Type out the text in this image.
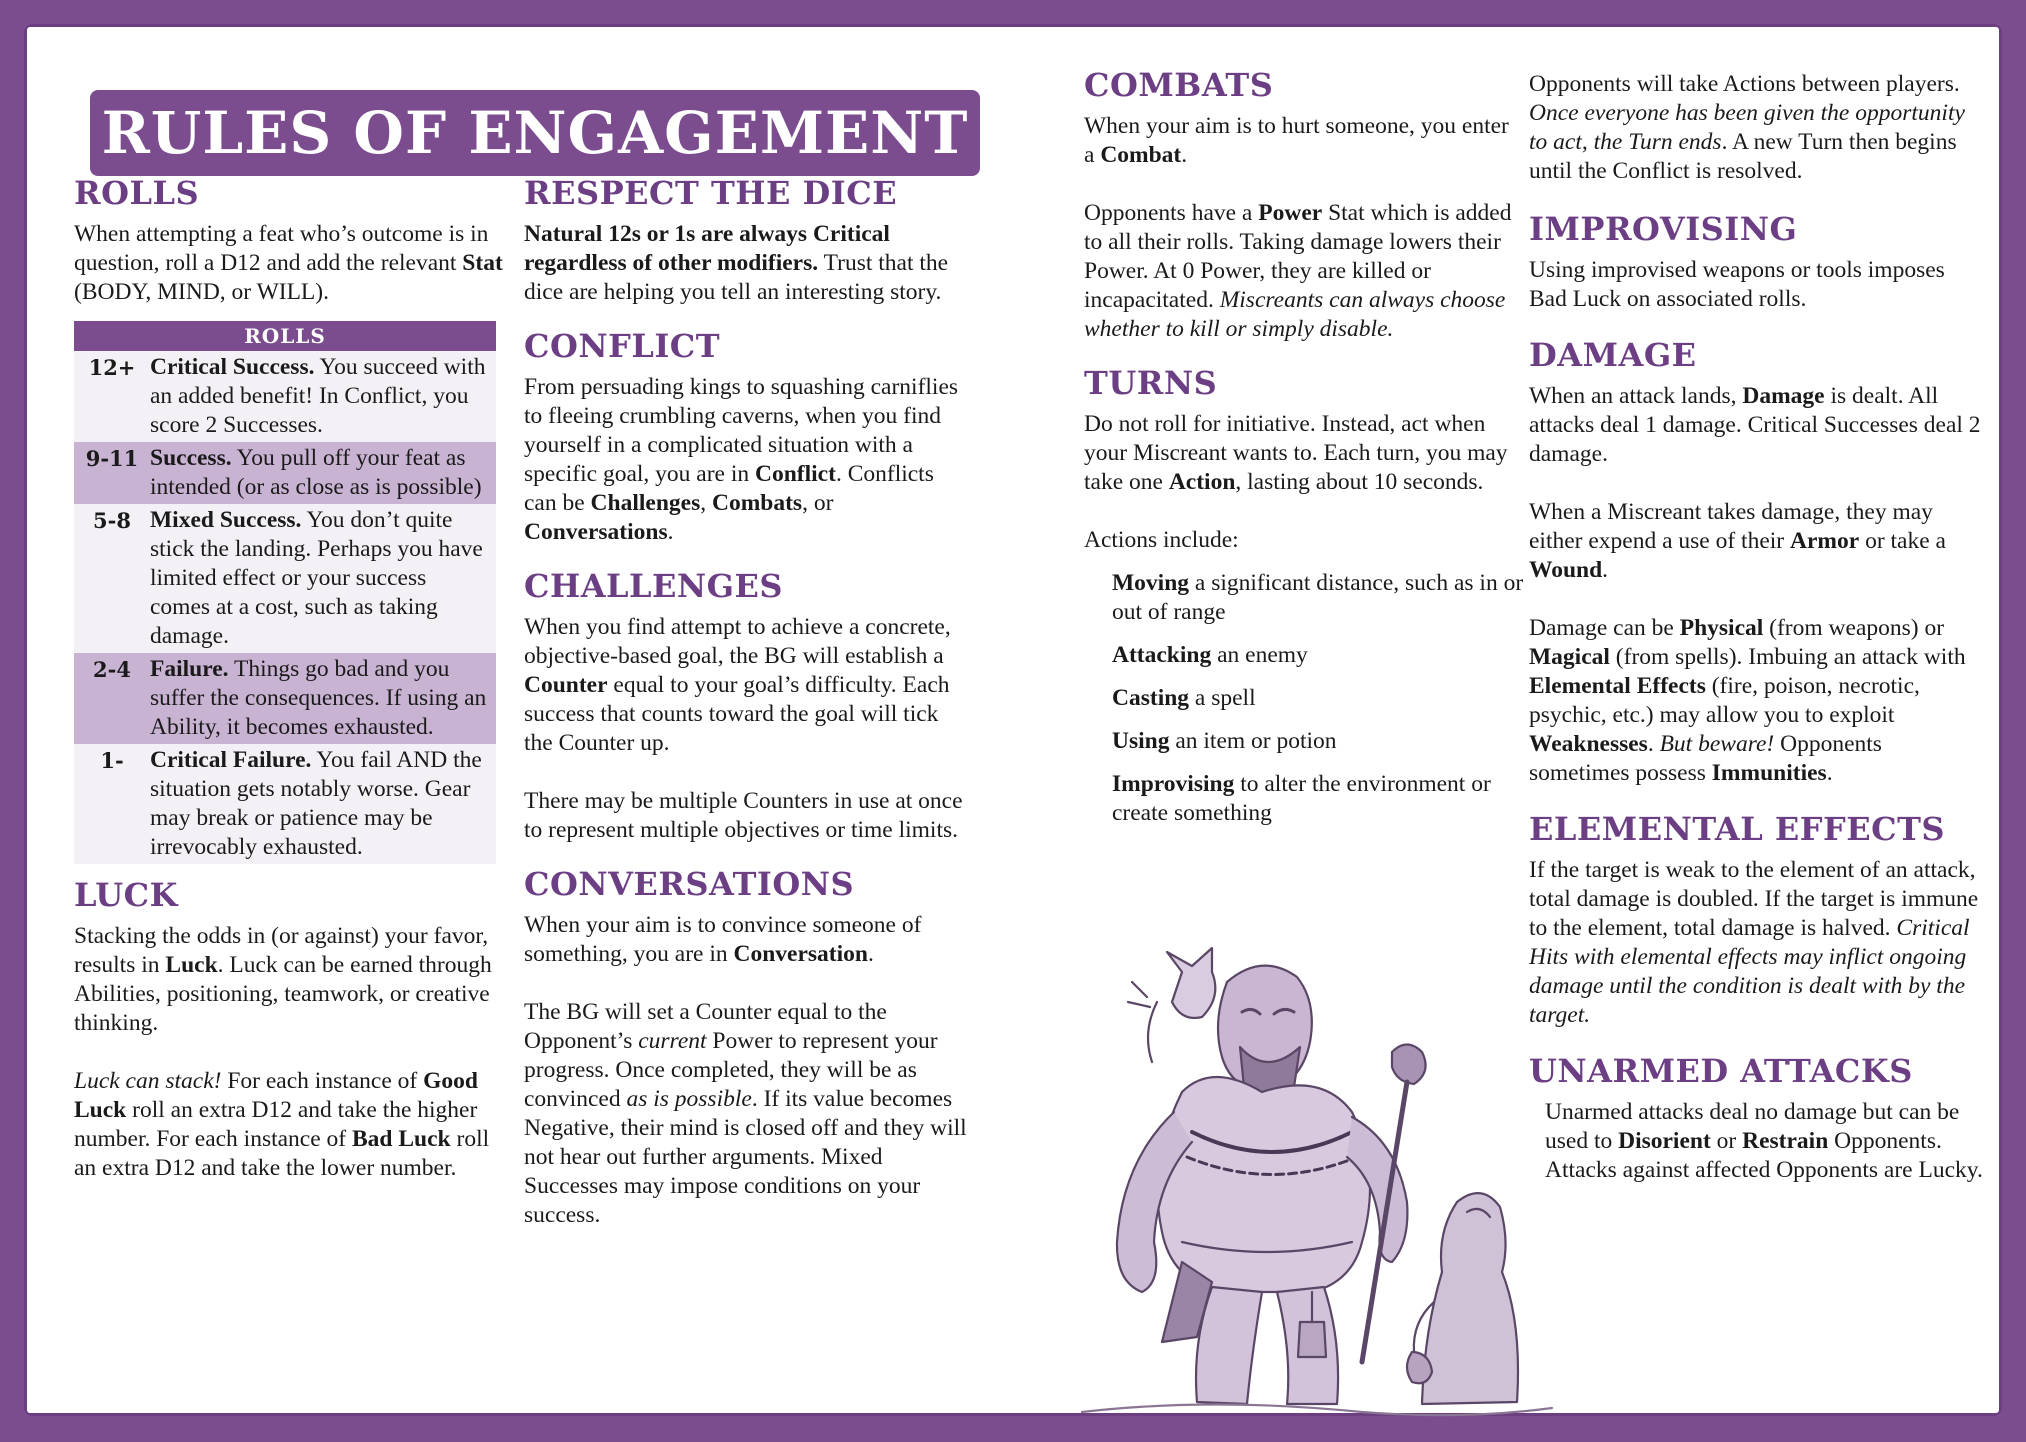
RULES OF ENGAGEMENT
ROLLS
When attempting a feat who’s outcome is in question, roll a D12 and add the relevant Stat (BODY, MIND, or WILL).
ROLLS
12+ Critical Success. You succeed with an added benefit! In Conflict, you score 2 Successes.
9-11 Success. You pull off your feat as intended (or as close as is possible)
5-8 Mixed Success. You don’t quite stick the landing. Perhaps you have limited effect or your success comes at a cost, such as taking damage.
2-4 Failure. Things go bad and you suffer the consequences. If using an Ability, it becomes exhausted.
1-	Critical Failure. You fail AND the situation gets notably worse. Gear may break or patience may be irrevocably exhausted.
LUCK
Stacking the odds in (or against) your favor, results in Luck. Luck can be earned through Abilities, positioning, teamwork, or creative thinking.
Luck can stack! For each instance of Good Luck roll an extra D12 and take the higher number. For each instance of Bad Luck roll an extra D12 and take the lower number.
RESPECT THE DICE
Natural 12s or 1s are always Critical regardless of other modifiers. Trust that the dice are helping you tell an interesting story.
CONFLICT
From persuading kings to squashing carniflies to fleeing crumbling caverns, when you find yourself in a complicated situation with a specific goal, you are in Conflict. Conflicts can be Challenges, Combats, or Conversations.
CHALLENGES
When you find attempt to achieve a concrete, objective-based goal, the BG will establish a Counter equal to your goal’s difficulty. Each success that counts toward the goal will tick the Counter up.
There may be multiple Counters in use at once to represent multiple objectives or time limits.
CONVERSATIONS
When your aim is to convince someone of something, you are in Conversation.
The BG will set a Counter equal to the Opponent’s current Power to represent your progress. Once completed, they will be as convinced as is possible. If its value becomes Negative, their mind is closed off and they will not hear out further arguments. Mixed Successes may impose conditions on your success.
COMBATS
When your aim is to hurt someone, you enter a Combat.
Opponents have a Power Stat which is added to all their rolls. Taking damage lowers their Power. At 0 Power, they are killed or incapacitated. Miscreants can always choose whether to kill or simply disable.
TURNS
Do not roll for initiative. Instead, act when your Miscreant wants to. Each turn, you may take one Action, lasting about 10 seconds.
Actions include:
Moving a significant distance, such as in or out of range
Attacking an enemy
Casting a spell
Using an item or potion
Improvising to alter the environment or create something
Opponents will take Actions between players. Once everyone has been given the opportunity to act, the Turn ends. A new Turn then begins until the Conflict is resolved.
IMPROVISING
Using improvised weapons or tools imposes Bad Luck on associated rolls.
DAMAGE
When an attack lands, Damage is dealt. All attacks deal 1 damage. Critical Successes deal 2 damage.
When a Miscreant takes damage, they may either expend a use of their Armor or take a Wound.
Damage can be Physical (from weapons) or Magical (from spells). Imbuing an attack with Elemental Effects (fire, poison, necrotic, psychic, etc.) may allow you to exploit Weaknesses. But beware! Opponents sometimes possess Immunities.
ELEMENTAL EFFECTS
If the target is weak to the element of an attack, total damage is doubled. If the target is immune to the element, total damage is halved. Critical Hits with elemental effects may inflict ongoing damage until the condition is dealt with by the target.
UNARMED ATTACKS
Unarmed attacks deal no damage but can be used to Disorient or Restrain Opponents. Attacks against affected Opponents are Lucky.
